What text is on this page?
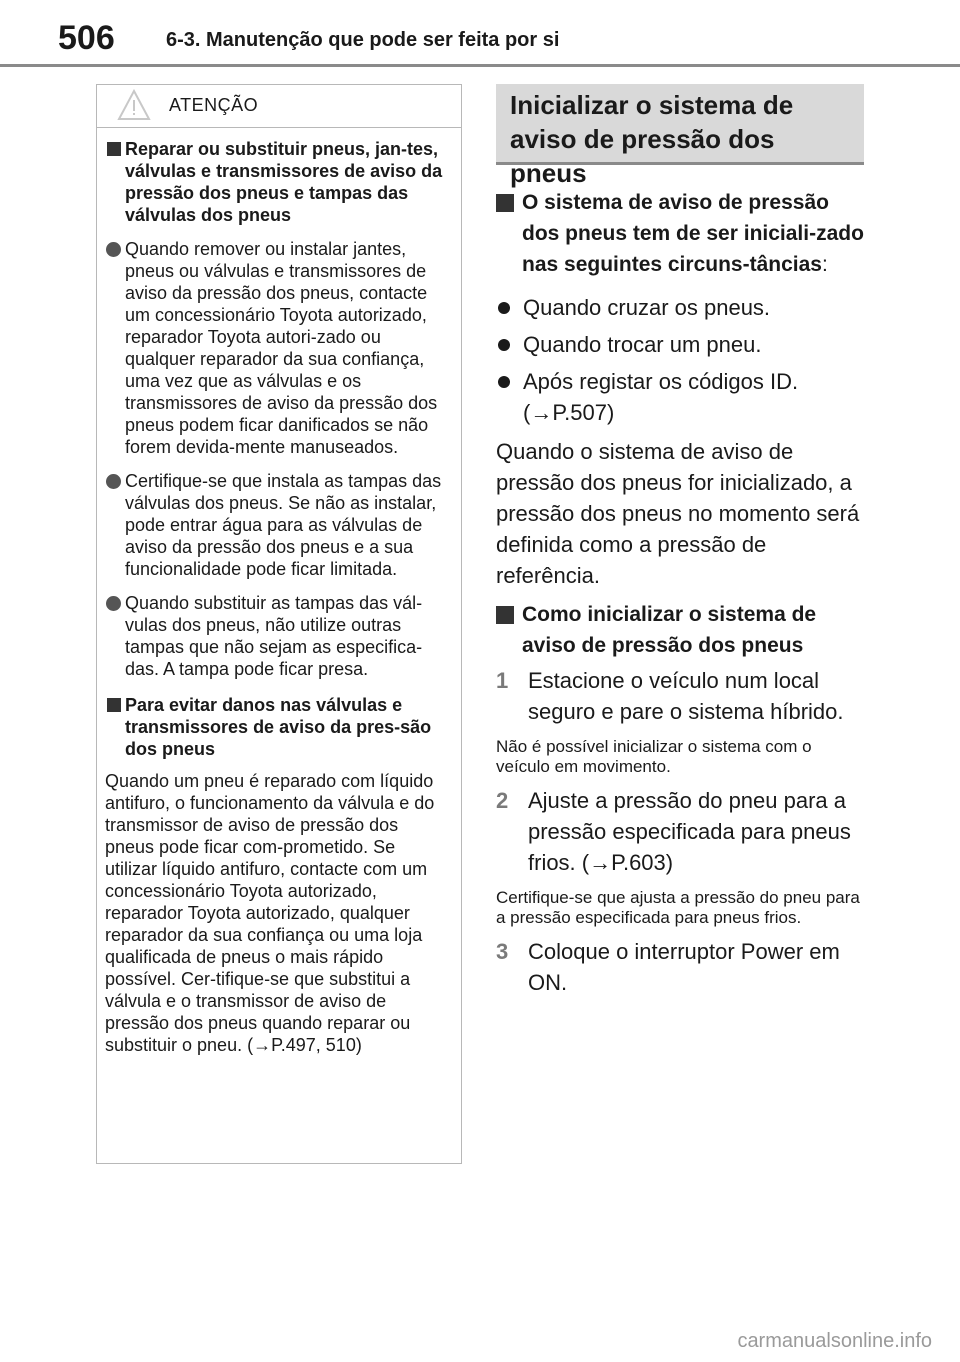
506	6-3. Manutenção que pode ser feita por si
ATENÇÃO
Reparar ou substituir pneus, jan-tes, válvulas e transmissores de aviso da pressão dos pneus e tampas das válvulas dos pneus
Quando remover ou instalar jantes, pneus ou válvulas e transmissores de aviso da pressão dos pneus, contacte um concessionário Toyota autorizado, reparador Toyota autori-zado ou qualquer reparador da sua confiança, uma vez que as válvulas e os transmissores de aviso da pressão dos pneus podem ficar danificados se não forem devida-mente manuseados.
Certifique-se que instala as tampas das válvulas dos pneus. Se não as instalar, pode entrar água para as válvulas de aviso da pressão dos pneus e a sua funcionalidade pode ficar limitada.
Quando substituir as tampas das vál-vulas dos pneus, não utilize outras tampas que não sejam as especifica-das. A tampa pode ficar presa.
Para evitar danos nas válvulas e transmissores de aviso da pres-são dos pneus
Quando um pneu é reparado com líquido antifuro, o funcionamento da válvula e do transmissor de aviso de pressão dos pneus pode ficar com-prometido. Se utilizar líquido antifuro, contacte com um concessionário Toyota autorizado, reparador Toyota autorizado, qualquer reparador da sua confiança ou uma loja qualificada de pneus o mais rápido possível. Cer-tifique-se que substitui a válvula e o transmissor de aviso de pressão dos pneus quando reparar ou substituir o pneu. (→P.497, 510)
Inicializar o sistema de aviso de pressão dos pneus
O sistema de aviso de pressão dos pneus tem de ser iniciali-zado nas seguintes circuns-tâncias:
Quando cruzar os pneus.
Quando trocar um pneu.
Após registar os códigos ID. (→P.507)
Quando o sistema de aviso de pressão dos pneus for inicializado, a pressão dos pneus no momento será definida como a pressão de referência.
Como inicializar o sistema de aviso de pressão dos pneus
1 Estacione o veículo num local seguro e pare o sistema híbrido.
Não é possível inicializar o sistema com o veículo em movimento.
2 Ajuste a pressão do pneu para a pressão especificada para pneus frios. (→P.603)
Certifique-se que ajusta a pressão do pneu para a pressão especificada para pneus frios.
3 Coloque o interruptor Power em ON.
carmanualsonline.info
